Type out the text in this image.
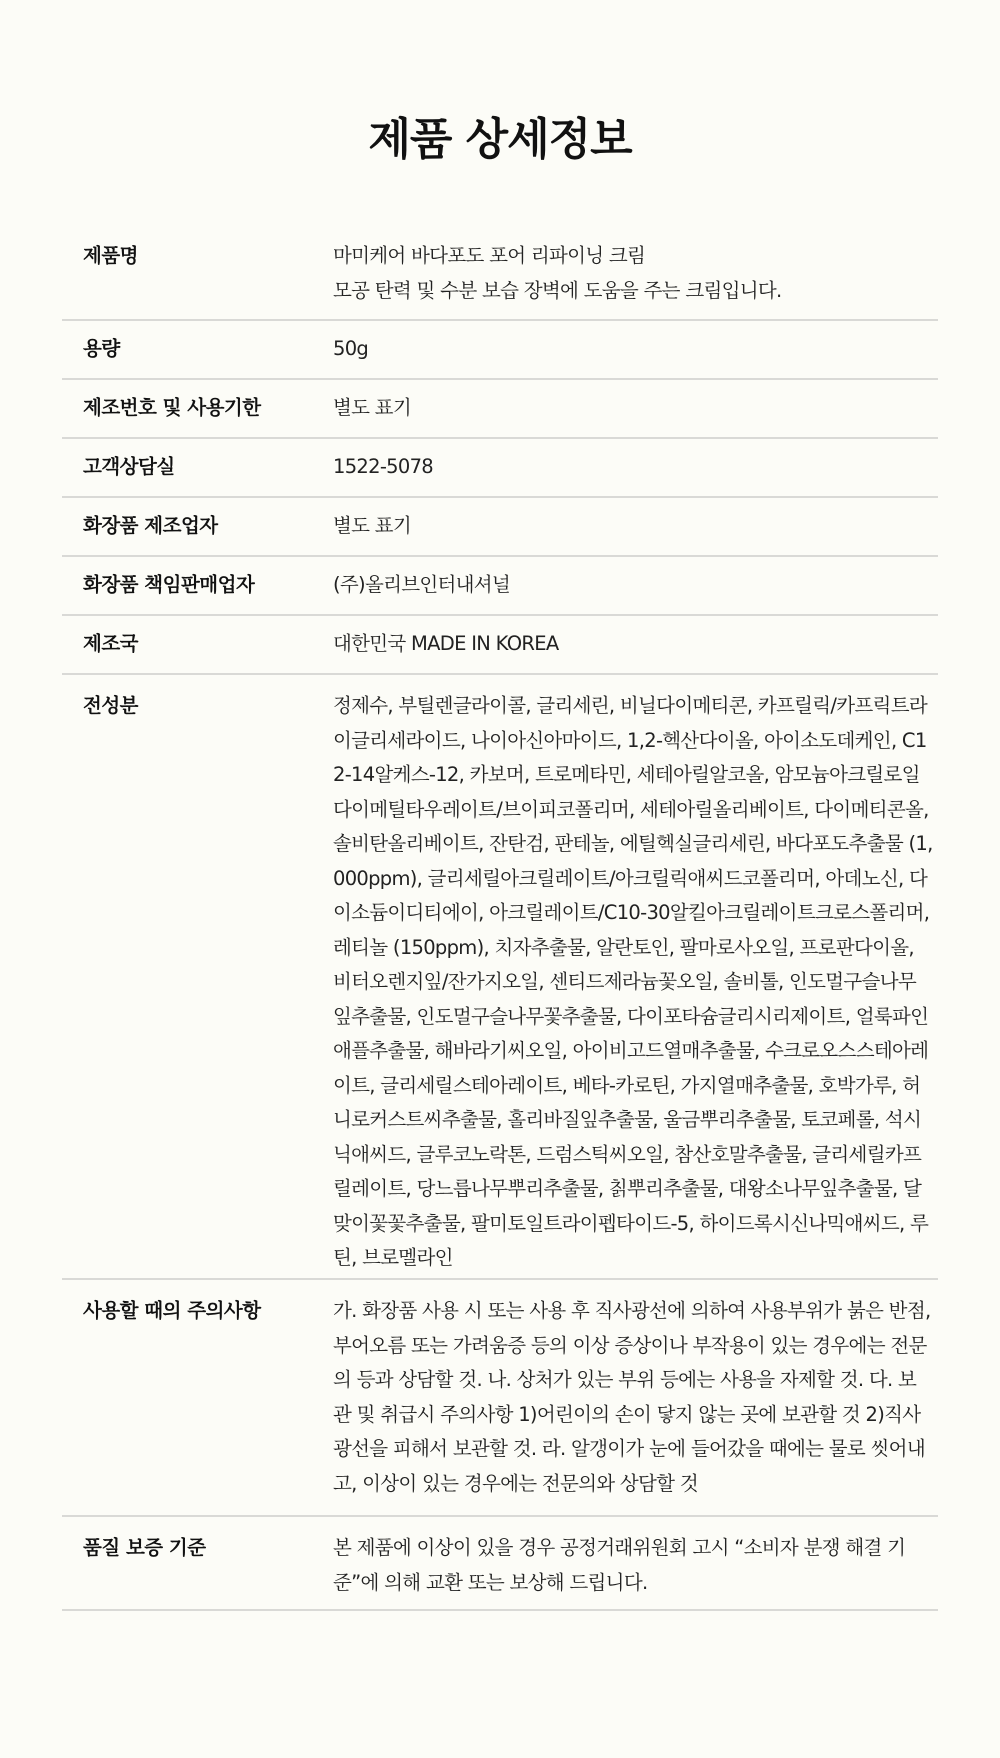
제품 상세정보
제품명	마미케어 바다포도 포어 리파이닝 크림
모공 탄력 및 수분 보습 장벽에 도움을 주는 크림입니다.
용량	50g
제조번호 및 사용기한	별도 표기
고객상담실	1522-5078
화장품 제조업자	별도 표기
화장품 책임판매업자	(주)올리브인터내셔널
제조국	대한민국 MADE IN KOREA
전성분	정제수, 부틸렌글라이콜, 글리세린, 비닐다이메티콘, 카프릴릭/카프릭트라이글리세라이드, 나이아신아마이드, 1,2-헥산다이올, 아이소도데케인, C12-14알케스-12, 카보머, 트로메타민, 세테아릴알코올, 암모늄아크릴로일다이메틸타우레이트/브이피코폴리머, 세테아릴올리베이트, 다이메티콘올, 솔비탄올리베이트, 잔탄검, 판테놀, 에틸헥실글리세린, 바다포도추출물 (1,000ppm), 글리세릴아크릴레이트/아크릴릭애씨드코폴리머, 아데노신, 다이소듐이디티에이, 아크릴레이트/C10-30알킬아크릴레이트크로스폴리머, 레티놀 (150ppm), 치자추출물, 알란토인, 팔마로사오일, 프로판다이올, 비터오렌지잎/잔가지오일, 센티드제라늄꽃오일, 솔비톨, 인도멀구슬나무잎추출물, 인도멀구슬나무꽃추출물, 다이포타슘글리시리제이트, 얼룩파인애플추출물, 해바라기씨오일, 아이비고드열매추출물, 수크로오스스테아레이트, 글리세릴스테아레이트, 베타-카로틴, 가지열매추출물, 호박가루, 허니로커스트씨추출물, 홀리바질잎추출물, 울금뿌리추출물, 토코페롤, 석시닉애씨드, 글루코노락톤, 드럼스틱씨오일, 참산호말추출물, 글리세릴카프릴레이트, 당느릅나무뿌리추출물, 칡뿌리추출물, 대왕소나무잎추출물, 달맞이꽃꽃추출물, 팔미토일트라이펩타이드-5, 하이드록시신나믹애씨드, 루틴, 브로멜라인
사용할 때의 주의사항	가. 화장품 사용 시 또는 사용 후 직사광선에 의하여 사용부위가 붉은 반점, 부어오름 또는 가려움증 등의 이상 증상이나 부작용이 있는 경우에는 전문의 등과 상담할 것. 나. 상처가 있는 부위 등에는 사용을 자제할 것. 다. 보관 및 취급시 주의사항 1)어린이의 손이 닿지 않는 곳에 보관할 것 2)직사광선을 피해서 보관할 것. 라. 알갱이가 눈에 들어갔을 때에는 물로 씻어내고, 이상이 있는 경우에는 전문의와 상담할 것
품질 보증 기준	본 제품에 이상이 있을 경우 공정거래위원회 고시 “소비자 분쟁 해결 기준”에 의해 교환 또는 보상해 드립니다.
